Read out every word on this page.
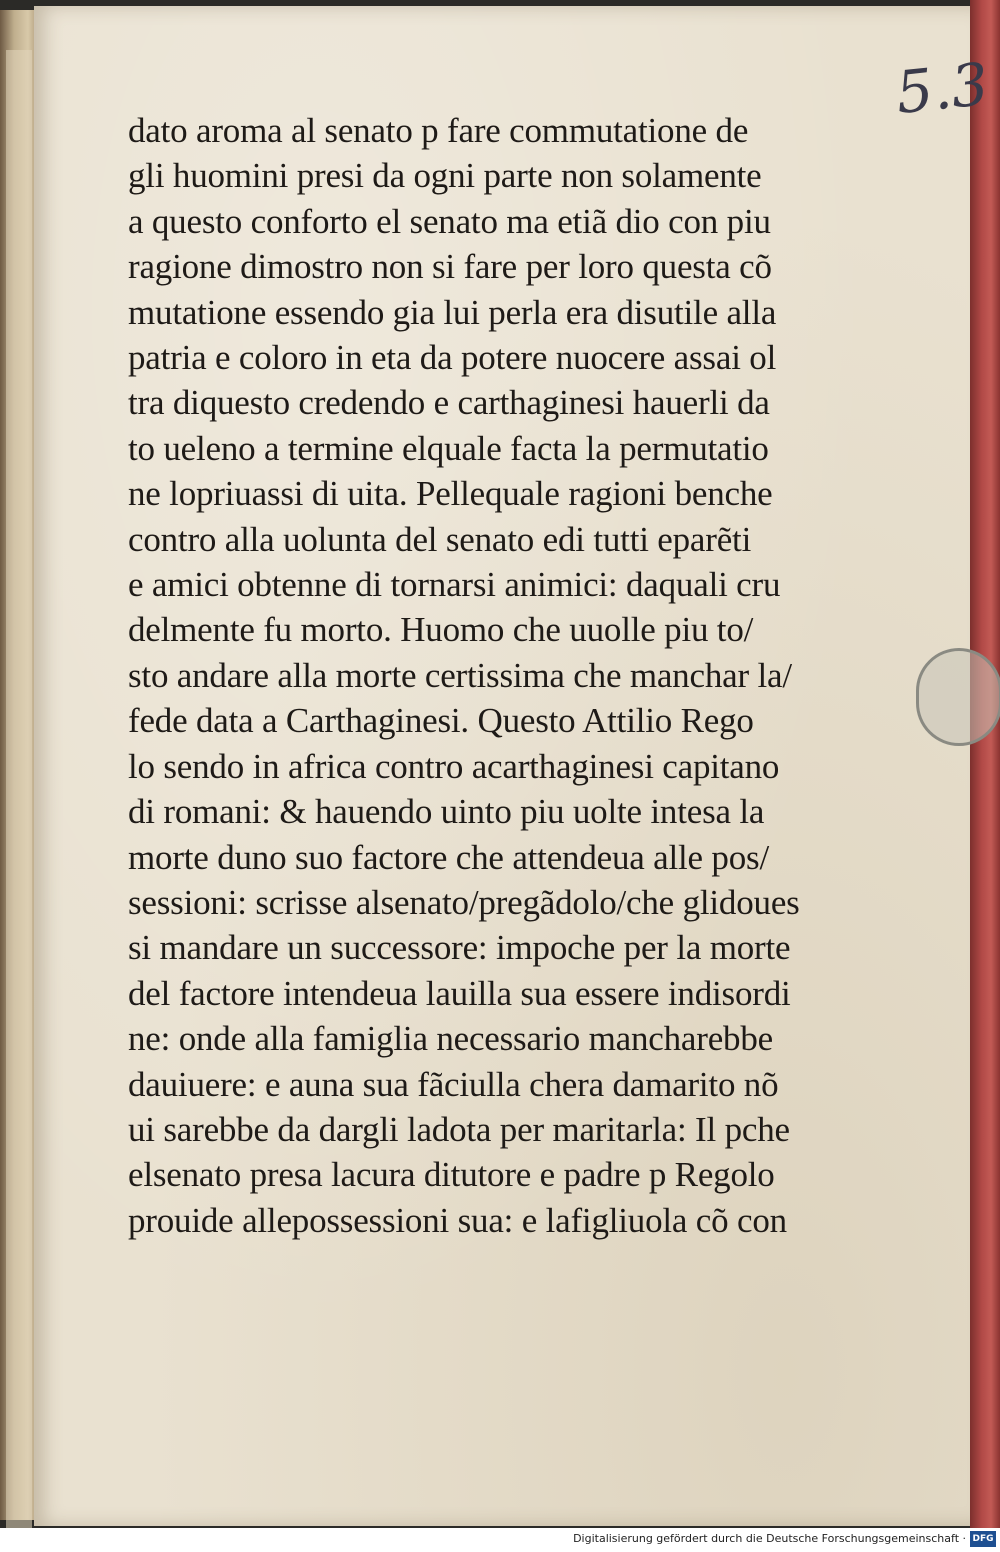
5.3
dato aroma al senato p fare commutatione de
gli huomini presi da ogni parte non solamente
a questo conforto el senato ma etiã dio con piu
ragione dimostro non si fare per loro questa cõ
mutatione essendo gia lui perla era disutile alla
patria e coloro in eta da potere nuocere assai ol
tra diquesto credendo e carthaginesi hauerli da
to ueleno a termine elquale facta la permutatio
ne lopriuassi di uita. Pellequale ragioni benche
contro alla uolunta del senato edi tutti eparẽti
e amici obtenne di tornarsi animici: daquali cru
delmente fu morto. Huomo che uuolle piu to/
sto andare alla morte certissima che manchar la/
fede data a Carthaginesi. Questo Attilio Rego
lo sendo in africa contro acarthaginesi capitano
di romani: & hauendo uinto piu uolte intesa la
morte duno suo factore che attendeua alle pos/
sessioni: scrisse alsenato/pregãdolo/che glidoues
si mandare un successore: impoche per la morte
del factore intendeua lauilla sua essere indisordi
ne: onde alla famiglia necessario mancharebbe
dauiuere: e auna sua fãciulla chera damarito nõ
ui sarebbe da dargli ladota per maritarla: Il pche
elsenato presa lacura ditutore e padre p Regolo
prouide allepossessioni sua: e lafigliuola cõ con
Digitalisierung gefördert durch die Deutsche Forschungsgemeinschaft · DFG
